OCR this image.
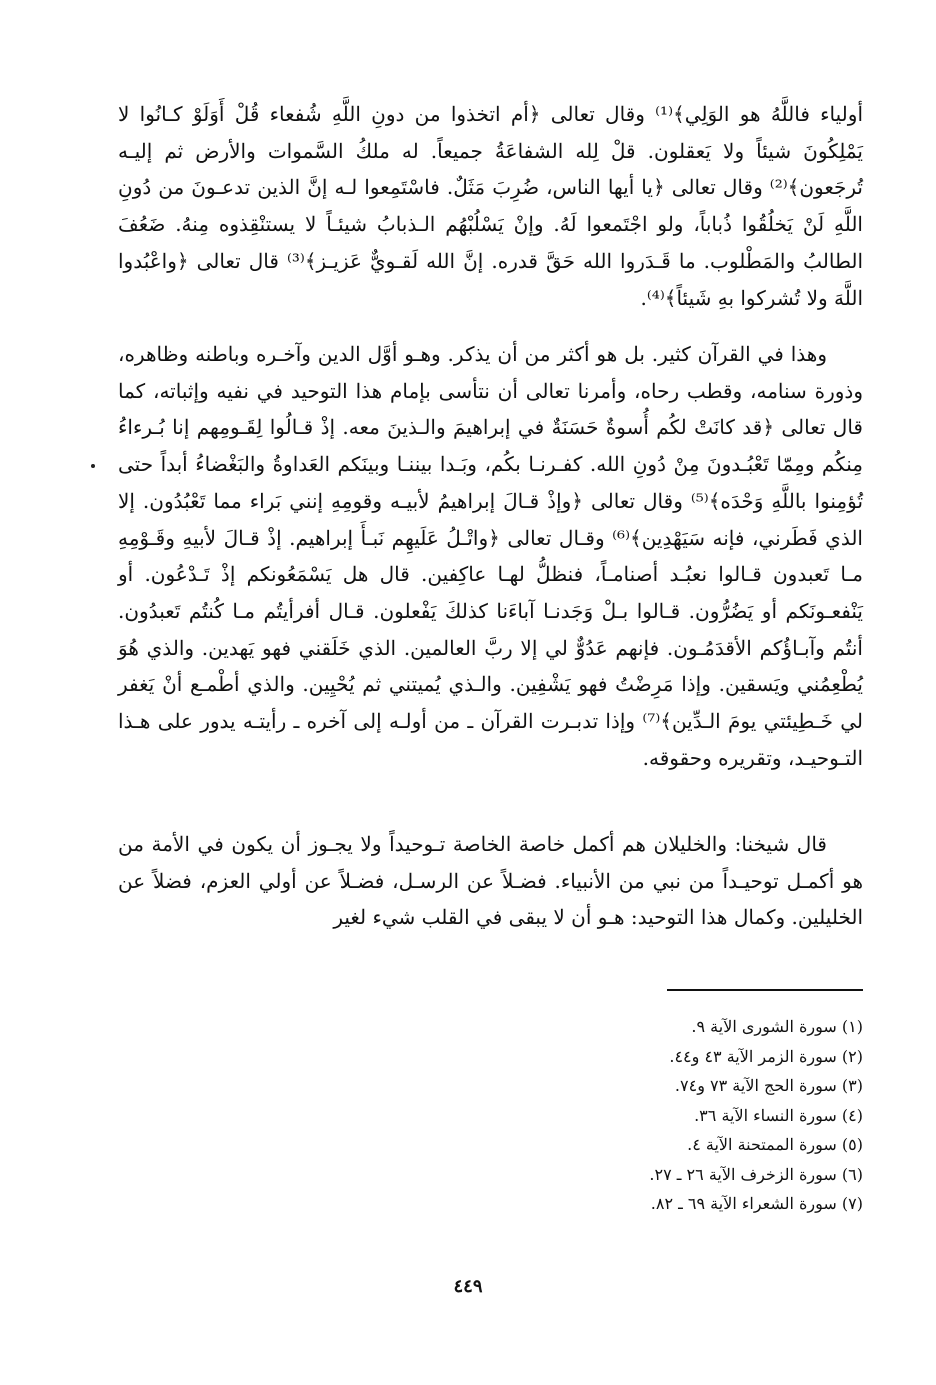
أولياء فاللَّهُ هو الوَلِي﴾⁽¹⁾ وقال تعالى ﴿أم اتخذوا من دونِ اللَّهِ شُفعاء قُلْ أَوَلَوْ كـانُوا لا يَمْلِكُونَ شيئاً ولا يَعقلون. قلْ لِله الشفاعَةُ جميعاً. له ملكُ السَّموات والأرض ثم إليـه تُرجَعون﴾⁽²⁾ وقال تعالى ﴿يا أيها الناس، ضُرِبَ مَثَلٌ. فاسْتَمِعوا لـه إنَّ الذين تدعـونَ من دُونِ اللَّهِ لَنْ يَخلُقُوا ذُباباً، ولو اجْتَمعوا لَهُ. وإنْ يَسْلُبْهُم الـذبابُ شيئـاً لا يستنْقِذوه مِنهُ. ضَعُفَ الطالبُ والمَطْلوب. ما قَـدَروا الله حَقَّ قدره. إنَّ الله لَقـويٌّ عَزيـز﴾⁽³⁾ قال تعالى ﴿واعْبُدوا اللَّهَ ولا تُشركوا بهِ شَيئاً﴾⁽⁴⁾.

وهذا في القرآن كثير. بل هو أكثر من أن يذكر. وهـو أوَّل الدين وآخـره وباطنه وظاهره، وذورة سنامه، وقطب رحاه، وأمرنا تعالى أن نتأسى بإمام هذا التوحيد في نفيه وإثباته، كما قال تعالى ﴿قد كانَتْ لكُم أُسوةٌ حَسَنَةٌ في إبراهيمَ والـذينَ معه. إذْ قـالُوا لِقَـومِهم إنا بُـرءاءُ مِنكُم ومِمّا تَعْبُـدونَ مِنْ دُونِ الله. كفـرنـا بكُم، وبَـدا بيننـا وبينَكم العَداوةُ والبَغْضاءُ أبداً حتى تُؤمِنوا باللَّهِ وَحْدَه﴾⁽⁵⁾ وقال تعالى ﴿وإذْ قـالَ إبراهيمُ لأبيـه وقومِهِ إنني بَراء مما تَعْبُدُون. إلا الذي فَطَرني، فإنه سَيَهْدِين﴾⁽⁶⁾ وقـال تعالى ﴿واتْـلُ عَلَيهِم نَبـأَ إبراهيم. إذْ قـالَ لأبيهِ وقَـوْمِهِ مـا تَعبدون قـالوا نعبُـد أصنامـاً، فنظلُّ لهـا عاكِفين. قال هل يَسْمَعُونكم إذْ تَـدْعُون. أو يَنْفعـونَكم أو يَضُرُّون. قـالوا بـلْ وَجَدنـا آباءَنا كذلكَ يَفْعلون. قـال أفرأيتُم مـا كُنتُم تَعبدُون. أنتُم وآبـاؤُكم الأقدَمُـون. فإنهم عَدُوٌّ لي إلا ربَّ العالمين. الذي خَلَقني فهو يَهدين. والذي هُوَ يُطْعِمُني ويَسقين. وإذا مَرِضْتُ فهو يَشْفِين. والـذي يُميتني ثم يُحْيِين. والذي أطْمـع أنْ يَغفر لي خَـطِيئتي يومَ الـدِّين﴾⁽⁷⁾ وإذا تدبـرت القرآن ـ من أولـه إلى آخره ـ رأيتـه يدور على هـذا التـوحيـد، وتقريره وحقوقه.

قال شيخنا: والخليلان هم أكمل خاصة الخاصة تـوحيداً ولا يجـوز أن يكون في الأمة من هو أكمـل توحيـداً من نبي من الأنبياء. فضـلاً عن الرسـل، فضـلاً عن أولي العزم، فضلاً عن الخليلين. وكمال هذا التوحيد: هـو أن لا يبقى في القلب شيء لغير

(١) سورة الشورى الآية ٩.
(٢) سورة الزمر الآية ٤٣ و٤٤.
(٣) سورة الحج الآية ٧٣ و٧٤.
(٤) سورة النساء الآية ٣٦.
(٥) سورة الممتحنة الآية ٤.
(٦) سورة الزخرف الآية ٢٦ ـ ٢٧.
(٧) سورة الشعراء الآية ٦٩ ـ ٨٢.
٤٤٩
